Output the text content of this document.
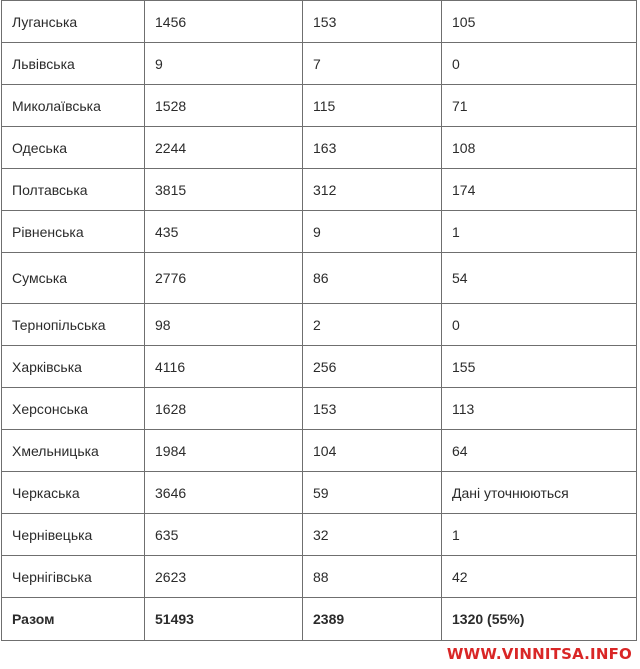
Луганська	1456	153	105
Львівська	9	7	0
Миколаївська	1528	115	71
Одеська	2244	163	108
Полтавська	3815	312	174
Рівненська	435	9	1
Сумська	2776	86	54
Тернопільська	98	2	0
Харківська	4116	256	155
Херсонська	1628	153	113
Хмельницька	1984	104	64
Черкаська	3646	59	Дані уточнюються
Чернівецька	635	32	1
Чернігівська	2623	88	42
Разом	51493	2389	1320 (55%)
WWW.VINNITSA.INFO
